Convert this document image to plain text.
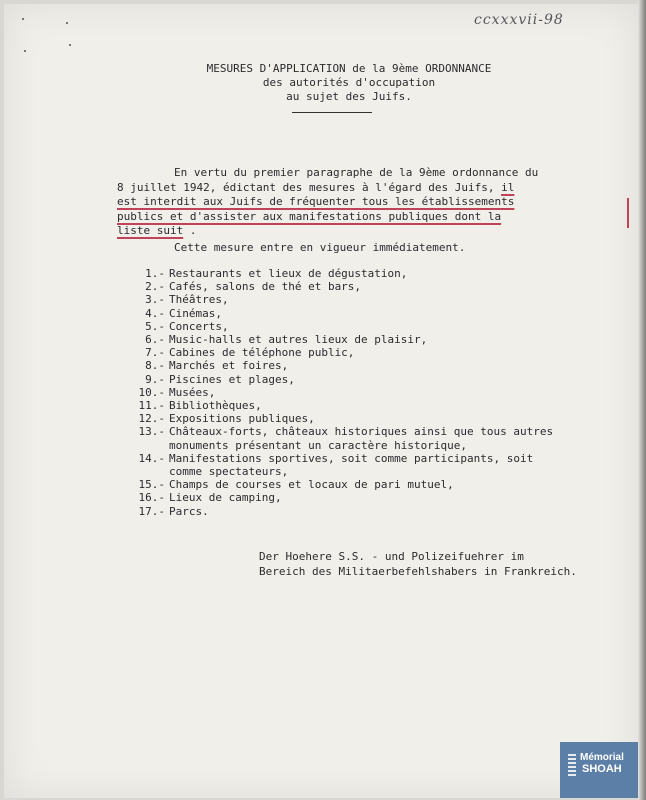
ccxxxvii-98
MESURES D'APPLICATION de la 9ème ORDONNANCE
des autorités d'occupation
au sujet des Juifs.
En vertu du premier paragraphe de la 9ème ordonnance du
8 juillet 1942, édictant des mesures à l'égard des Juifs, il
est interdit aux Juifs de fréquenter tous les établissements
publics et d'assister aux manifestations publiques dont la
liste suit .
Cette mesure entre en vigueur immédiatement.
1.- Restaurants et lieux de dégustation,
2.- Cafés, salons de thé et bars,
3.- Théâtres,
4.- Cinémas,
5.- Concerts,
6.- Music-halls et autres lieux de plaisir,
7.- Cabines de téléphone public,
8.- Marchés et foires,
9.- Piscines et plages,
10.- Musées,
11.- Bibliothèques,
12.- Expositions publiques,
13.- Châteaux-forts, châteaux historiques ainsi que tous autres
monuments présentant un caractère historique,
14.- Manifestations sportives, soit comme participants, soit
comme spectateurs,
15.- Champs de courses et locaux de pari mutuel,
16.- Lieux de camping,
17.- Parcs.
Der Hoehere S.S. - und Polizeifuehrer im
Bereich des Militaerbefehlshabers in Frankreich.
Mémorial
SHOAH
